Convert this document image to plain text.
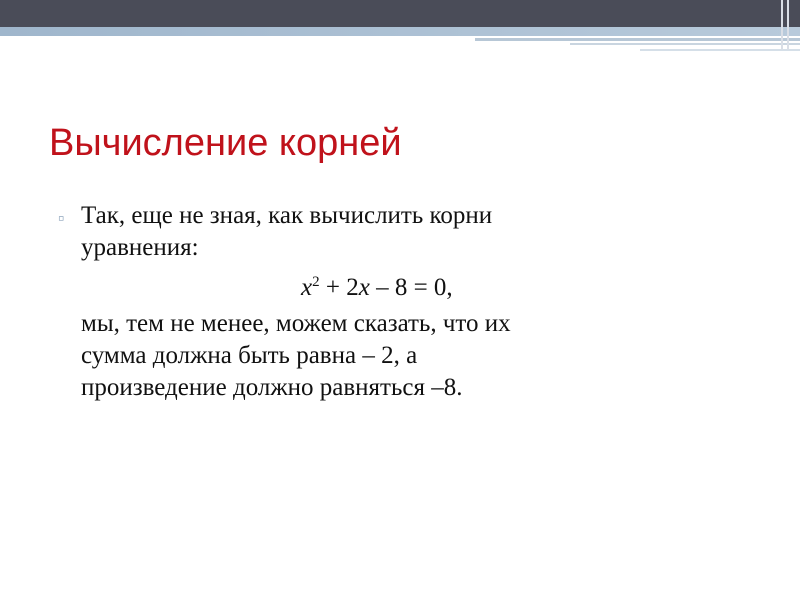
Вычисление корней
▫ Так, еще не зная, как вычислить корни
уравнения:
$x^2 + 2x - 8 = 0$,
мы, тем не менее, можем сказать, что их
сумма должна быть равна – 2, а
произведение должно равняться –8.
